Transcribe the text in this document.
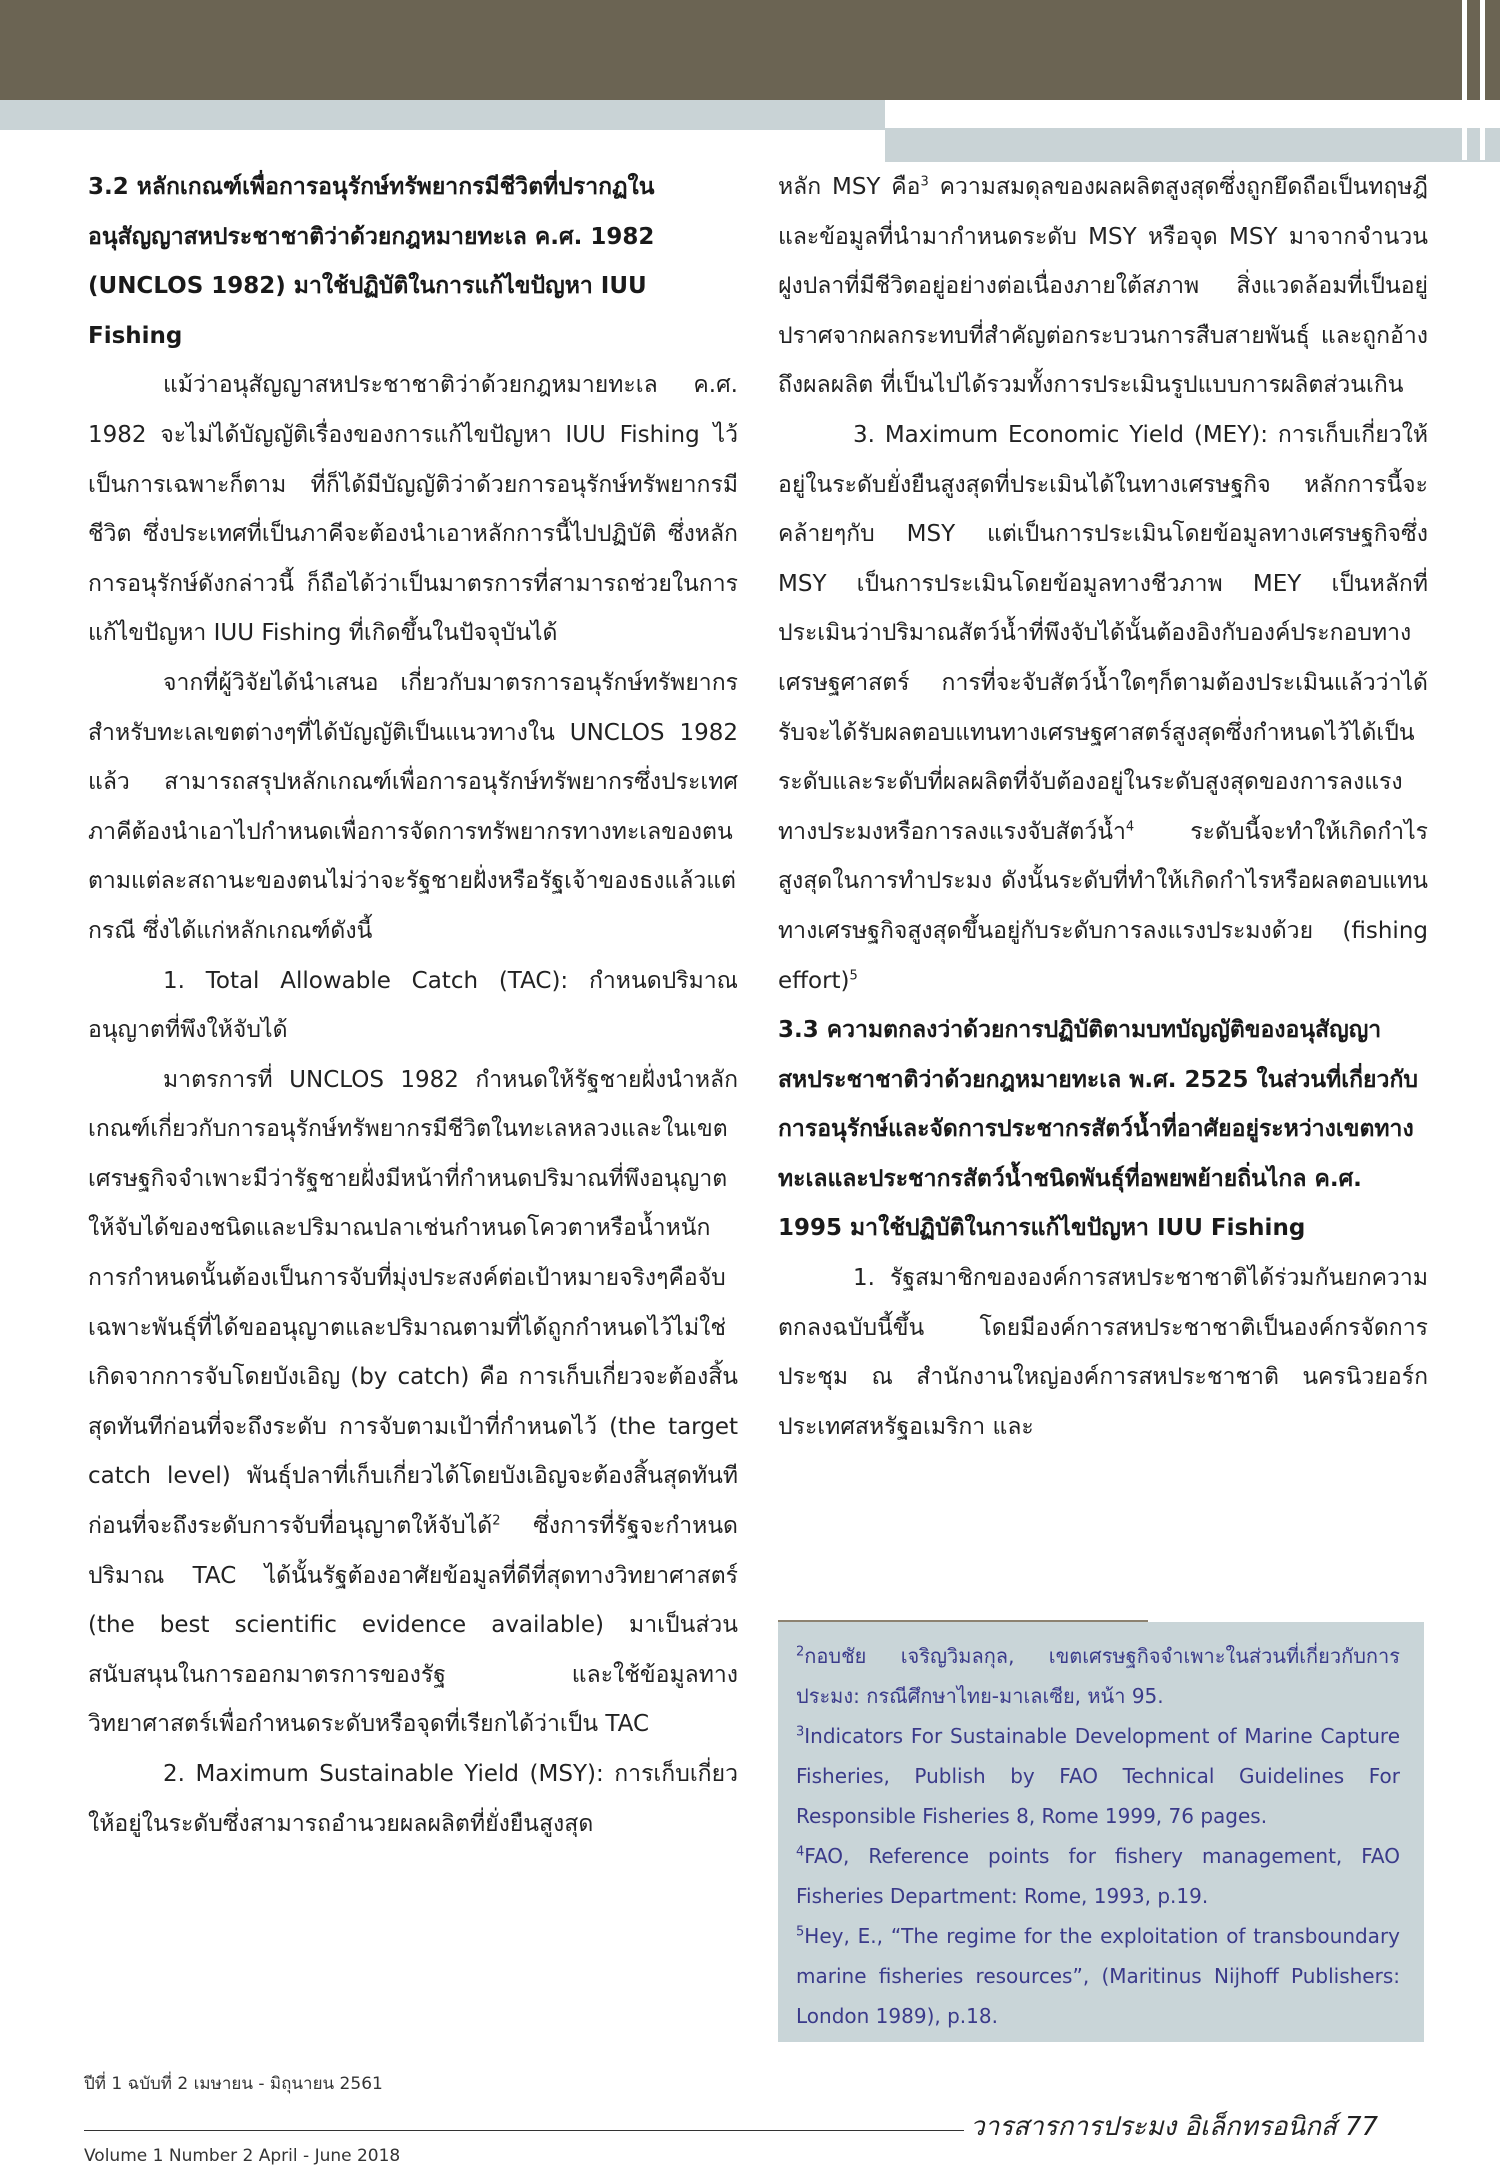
3.2 หลักเกณฑ์เพื่อการอนุรักษ์ทรัพยากรมีชีวิตที่ปรากฏในอนุสัญญาสหประชาชาติว่าด้วยกฎหมายทะเล ค.ศ. 1982 (UNCLOS 1982) มาใช้ปฏิบัติในการแก้ไขปัญหา IUU Fishing

แม้ว่าอนุสัญญาสหประชาชาติว่าด้วยกฎหมายทะเล ค.ศ. 1982 จะไม่ได้บัญญัติเรื่องของการแก้ไขปัญหา IUU Fishing ไว้เป็นการเฉพาะก็ตาม ที่ก็ได้มีบัญญัติว่าด้วยการอนุรักษ์ทรัพยากรมีชีวิต ซึ่งประเทศที่เป็นภาคีจะต้องนำเอาหลักการนี้ไปปฏิบัติ ซึ่งหลักการอนุรักษ์ดังกล่าวนี้ ก็ถือได้ว่าเป็นมาตรการที่สามารถช่วยในการแก้ไขปัญหา IUU Fishing ที่เกิดขึ้นในปัจจุบันได้

จากที่ผู้วิจัยได้นำเสนอ เกี่ยวกับมาตรการอนุรักษ์ทรัพยากรสำหรับทะเลเขตต่างๆที่ได้บัญญัติเป็นแนวทางใน UNCLOS 1982 แล้ว สามารถสรุปหลักเกณฑ์เพื่อการอนุรักษ์ทรัพยากรซึ่งประเทศภาคีต้องนำเอาไปกำหนดเพื่อการจัดการทรัพยากรทางทะเลของตน ตามแต่ละสถานะของตนไม่ว่าจะรัฐชายฝั่งหรือรัฐเจ้าของธงแล้วแต่กรณี ซึ่งได้แก่หลักเกณฑ์ดังนี้

1. Total Allowable Catch (TAC): กำหนดปริมาณอนุญาตที่พึงให้จับได้

มาตรการที่ UNCLOS 1982 กำหนดให้รัฐชายฝั่งนำหลักเกณฑ์เกี่ยวกับการอนุรักษ์ทรัพยากรมีชีวิตในทะเลหลวงและในเขตเศรษฐกิจจำเพาะมีว่ารัฐชายฝั่งมีหน้าที่กำหนดปริมาณที่พึงอนุญาตให้จับได้ของชนิดและปริมาณปลาเช่นกำหนดโควตาหรือน้ำหนักการกำหนดนั้นต้องเป็นการจับที่มุ่งประสงค์ต่อเป้าหมายจริงๆคือจับเฉพาะพันธุ์ที่ได้ขออนุญาตและปริมาณตามที่ได้ถูกกำหนดไว้ไม่ใช่เกิดจากการจับโดยบังเอิญ (by catch) คือ การเก็บเกี่ยวจะต้องสิ้นสุดทันทีก่อนที่จะถึงระดับ การจับตามเป้าที่กำหนดไว้ (the target catch level) พันธุ์ปลาที่เก็บเกี่ยวได้โดยบังเอิญจะต้องสิ้นสุดทันทีก่อนที่จะถึงระดับการจับที่อนุญาตให้จับได้$^2$ ซึ่งการที่รัฐจะกำหนดปริมาณ TAC ได้นั้นรัฐต้องอาศัยข้อมูลที่ดีที่สุดทางวิทยาศาสตร์ (the best scientific evidence available) มาเป็นส่วนสนับสนุนในการออกมาตรการของรัฐ และใช้ข้อมูลทางวิทยาศาสตร์เพื่อกำหนดระดับหรือจุดที่เรียกได้ว่าเป็น TAC

2. Maximum Sustainable Yield (MSY): การเก็บเกี่ยวให้อยู่ในระดับซึ่งสามารถอำนวยผลผลิตที่ยั่งยืนสูงสุด

หลัก MSY คือ$^3$ ความสมดุลของผลผลิตสูงสุดซึ่งถูกยึดถือเป็นทฤษฎีและข้อมูลที่นำมากำหนดระดับ MSY หรือจุด MSY มาจากจำนวนฝูงปลาที่มีชีวิตอยู่อย่างต่อเนื่องภายใต้สภาพ สิ่งแวดล้อมที่เป็นอยู่ปราศจากผลกระทบที่สำคัญต่อกระบวนการสืบสายพันธุ์ และถูกอ้างถึงผลผลิต ที่เป็นไปได้รวมทั้งการประเมินรูปแบบการผลิตส่วนเกิน

3. Maximum Economic Yield (MEY): การเก็บเกี่ยวให้อยู่ในระดับยั่งยืนสูงสุดที่ประเมินได้ในทางเศรษฐกิจ หลักการนี้จะคล้ายๆกับ MSY แต่เป็นการประเมินโดยข้อมูลทางเศรษฐกิจซึ่ง MSY เป็นการประเมินโดยข้อมูลทางชีวภาพ MEY เป็นหลักที่ประเมินว่าปริมาณสัตว์น้ำที่พึงจับได้นั้นต้องอิงกับองค์ประกอบทางเศรษฐศาสตร์ การที่จะจับสัตว์น้ำใดๆก็ตามต้องประเมินแล้วว่าได้รับจะได้รับผลตอบแทนทางเศรษฐศาสตร์สูงสุดซึ่งกำหนดไว้ได้เป็นระดับและระดับที่ผลผลิตที่จับต้องอยู่ในระดับสูงสุดของการลงแรงทางประมงหรือการลงแรงจับสัตว์น้ำ$^4$ ระดับนี้จะทำให้เกิดกำไรสูงสุดในการทำประมง ดังนั้นระดับที่ทำให้เกิดกำไรหรือผลตอบแทนทางเศรษฐกิจสูงสุดขึ้นอยู่กับระดับการลงแรงประมงด้วย (fishing effort)$^5$

3.3 ความตกลงว่าด้วยการปฏิบัติตามบทบัญญัติของอนุสัญญาสหประชาชาติว่าด้วยกฎหมายทะเล พ.ศ. 2525 ในส่วนที่เกี่ยวกับการอนุรักษ์และจัดการประชากรสัตว์น้ำที่อาศัยอยู่ระหว่างเขตทางทะเลและประชากรสัตว์น้ำชนิดพันธุ์ที่อพยพย้ายถิ่นไกล ค.ศ. 1995 มาใช้ปฏิบัติในการแก้ไขปัญหา IUU Fishing

1. รัฐสมาชิกขององค์การสหประชาชาติได้ร่วมกันยกความตกลงฉบับนี้ขึ้น โดยมีองค์การสหประชาชาติเป็นองค์กรจัดการประชุม ณ สำนักงานใหญ่องค์การสหประชาชาติ นครนิวยอร์ก ประเทศสหรัฐอเมริกา และ

$^2$กอบชัย เจริญวิมลกุล, เขตเศรษฐกิจจำเพาะในส่วนที่เกี่ยวกับการประมง: กรณีศึกษาไทย-มาเลเซีย, หน้า 95.

$^3$Indicators For Sustainable Development of Marine Capture Fisheries, Publish by FAO Technical Guidelines For Responsible Fisheries 8, Rome 1999, 76 pages.

$^4$FAO, Reference points for fishery management, FAO Fisheries Department: Rome, 1993, p.19.

$^5$Hey, E., “The regime for the exploitation of transboundary marine fisheries resources”, (Maritinus Nijhoff Publishers: London 1989), p.18.

ปีที่ 1 ฉบับที่ 2 เมษายน - มิถุนายน 2561
Volume 1 Number 2 April - June 2018
วารสารการประมง อิเล็กทรอนิกส์ 77
